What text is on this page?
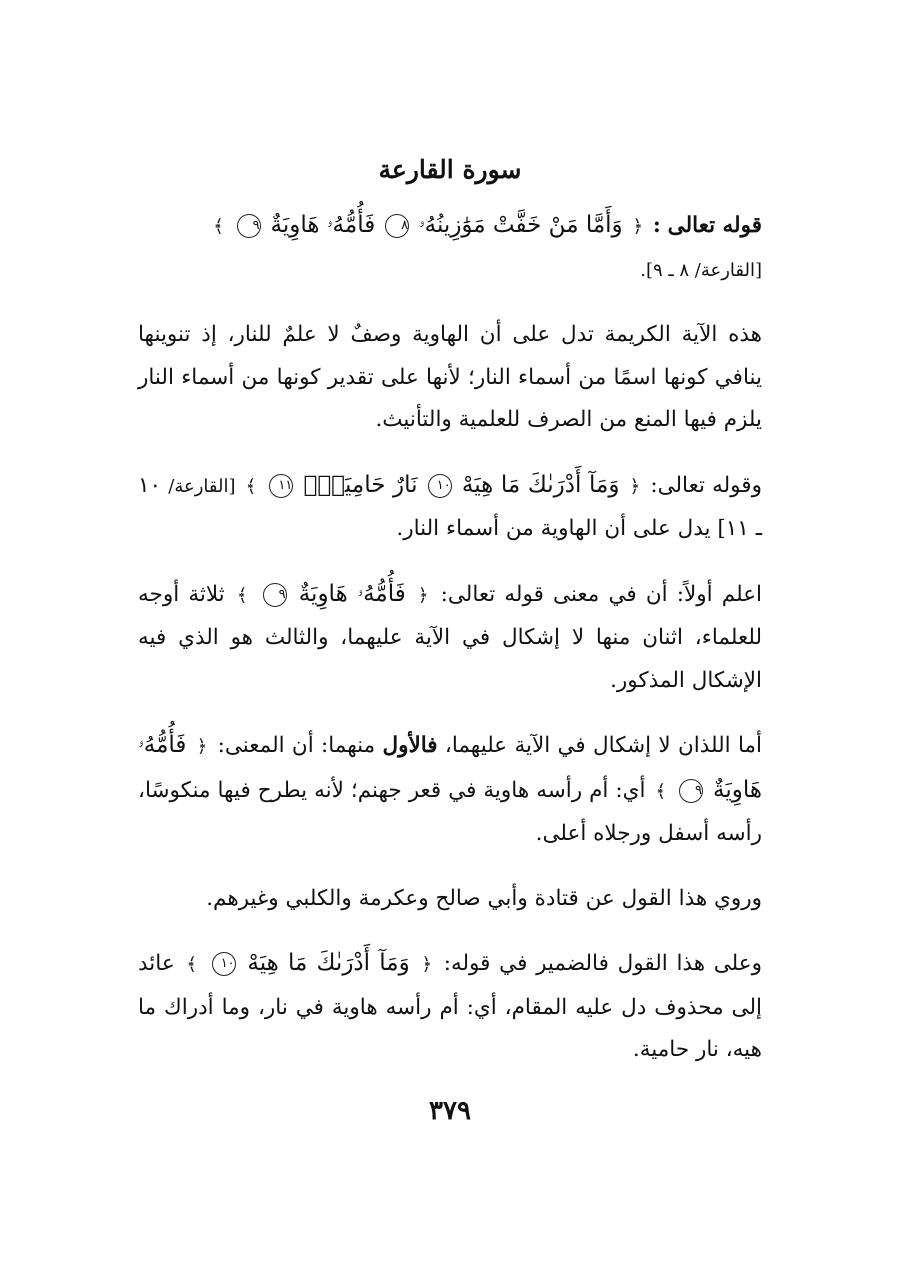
سورة القارعة

قوله تعالى : ﴿ وَأَمَّا مَنْ خَفَّتْ مَوَٰزِينُهُۥ ٨ فَأُمُّهُۥ هَاوِيَةٌ ٩ ﴾
[القارعة/ ٨ ـ ٩].

هذه الآية الكريمة تدل على أن الهاوية وصفٌ لا علمٌ للنار، إذ تنوينها ينافي كونها اسمًا من أسماء النار؛ لأنها على تقدير كونها من أسماء النار يلزم فيها المنع من الصرف للعلمية والتأنيث.

وقوله تعالى: ﴿ وَمَآ أَدْرَىٰكَ مَا هِيَهْ ١٠ نَارٌ حَامِيَةٌۢ ١١ ﴾ [القارعة/ ١٠ ـ ١١] يدل على أن الهاوية من أسماء النار.

اعلم أولاً: أن في معنى قوله تعالى: ﴿ فَأُمُّهُۥ هَاوِيَةٌ ٩ ﴾ ثلاثة أوجه للعلماء، اثنان منها لا إشكال في الآية عليهما، والثالث هو الذي فيه الإشكال المذكور.

أما اللذان لا إشكال في الآية عليهما، فالأول منهما: أن المعنى: ﴿ فَأُمُّهُۥ هَاوِيَةٌ ٩ ﴾ أي: أم رأسه هاوية في قعر جهنم؛ لأنه يطرح فيها منكوسًا، رأسه أسفل ورجلاه أعلى.

وروي هذا القول عن قتادة وأبي صالح وعكرمة والكلبي وغيرهم.

وعلى هذا القول فالضمير في قوله: ﴿ وَمَآ أَدْرَىٰكَ مَا هِيَهْ ١٠ ﴾ عائد إلى محذوف دل عليه المقام، أي: أم رأسه هاوية في نار، وما أدراك ما هيه، نار حامية.

٣٧٩
